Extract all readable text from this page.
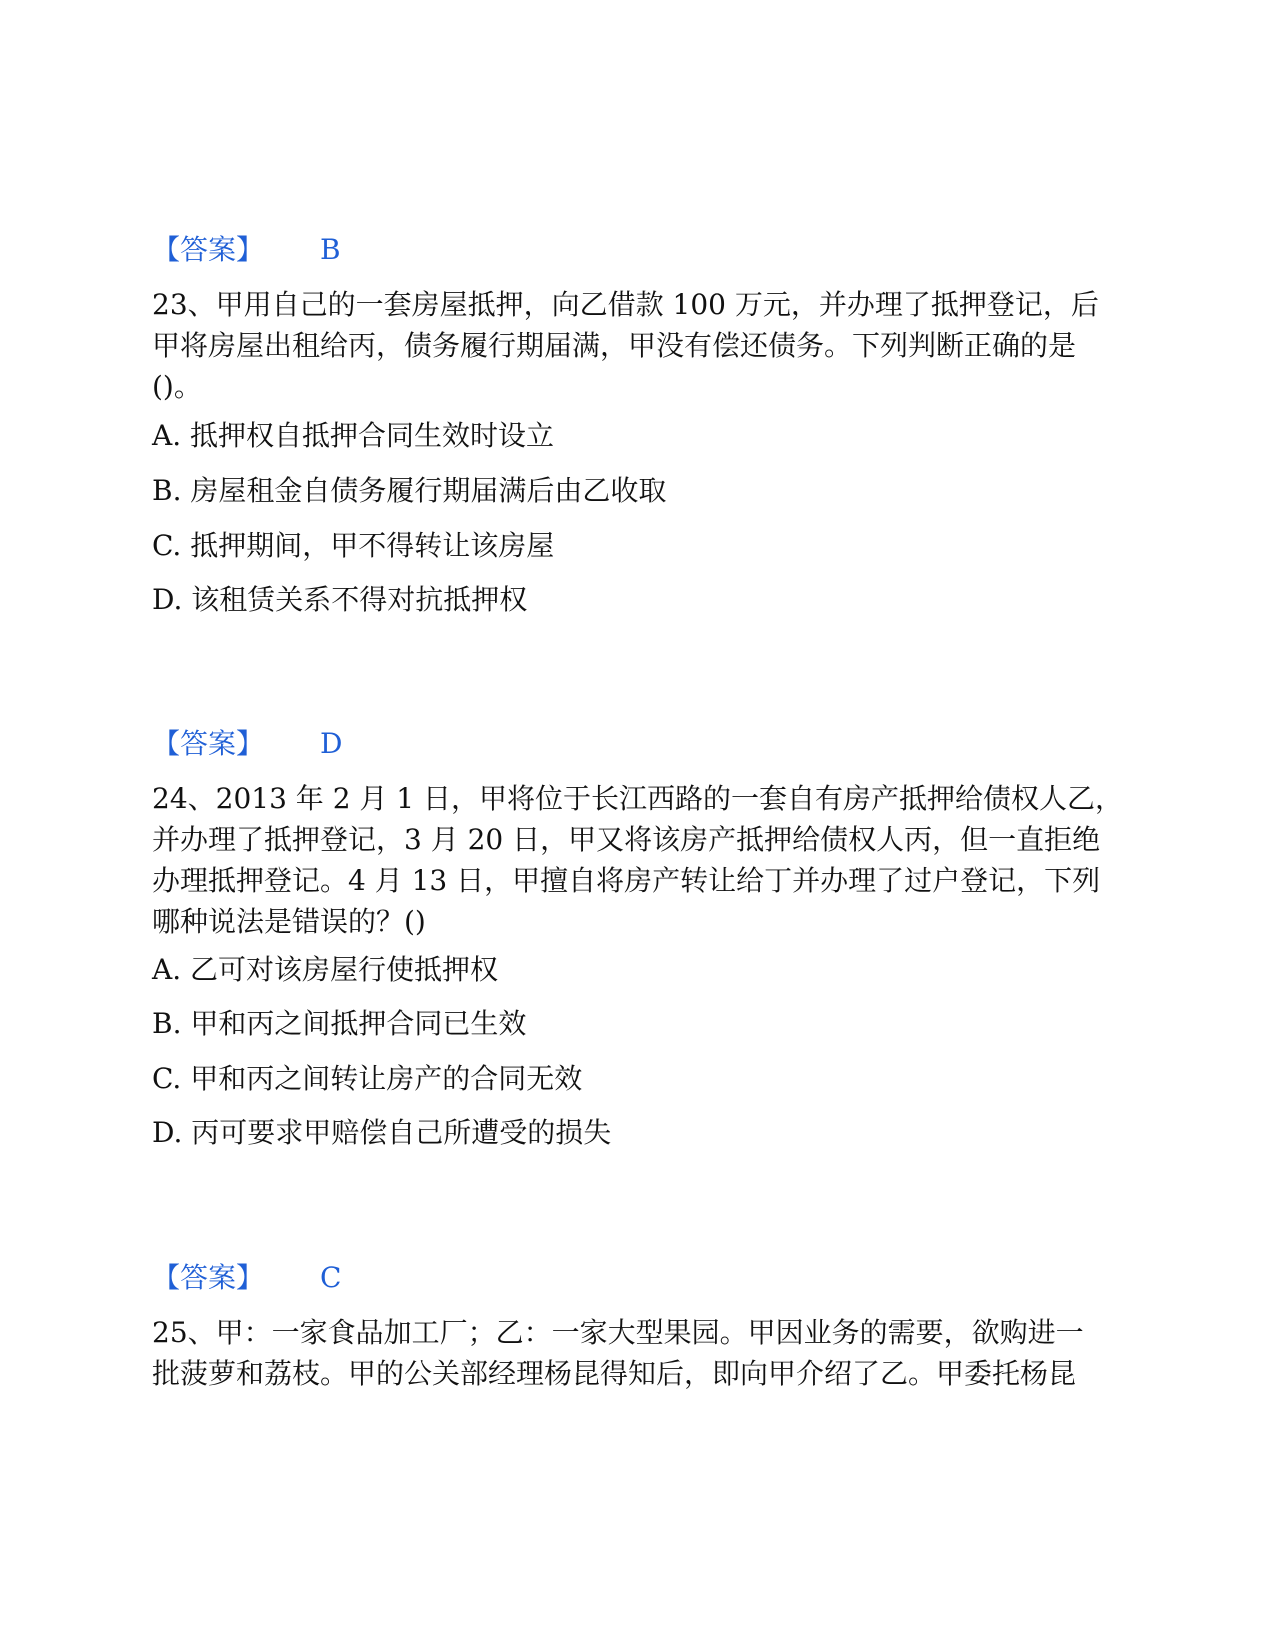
【答案】 B
23、甲用自己的一套房屋抵押，向乙借款 100 万元，并办理了抵押登记，后
甲将房屋出租给丙，债务履行期届满，甲没有偿还债务。下列判断正确的是
()。
A. 抵押权自抵押合同生效时设立
B. 房屋租金自债务履行期届满后由乙收取
C. 抵押期间，甲不得转让该房屋
D. 该租赁关系不得对抗抵押权
【答案】 D
24、2013 年 2 月 1 日，甲将位于长江西路的一套自有房产抵押给债权人乙，
并办理了抵押登记，3 月 20 日，甲又将该房产抵押给债权人丙，但一直拒绝
办理抵押登记。4 月 13 日，甲擅自将房产转让给丁并办理了过户登记，下列
哪种说法是错误的？()
A. 乙可对该房屋行使抵押权
B. 甲和丙之间抵押合同已生效
C. 甲和丙之间转让房产的合同无效
D. 丙可要求甲赔偿自己所遭受的损失
【答案】 C
25、甲：一家食品加工厂；乙：一家大型果园。甲因业务的需要，欲购进一
批菠萝和荔枝。甲的公关部经理杨昆得知后，即向甲介绍了乙。甲委托杨昆
